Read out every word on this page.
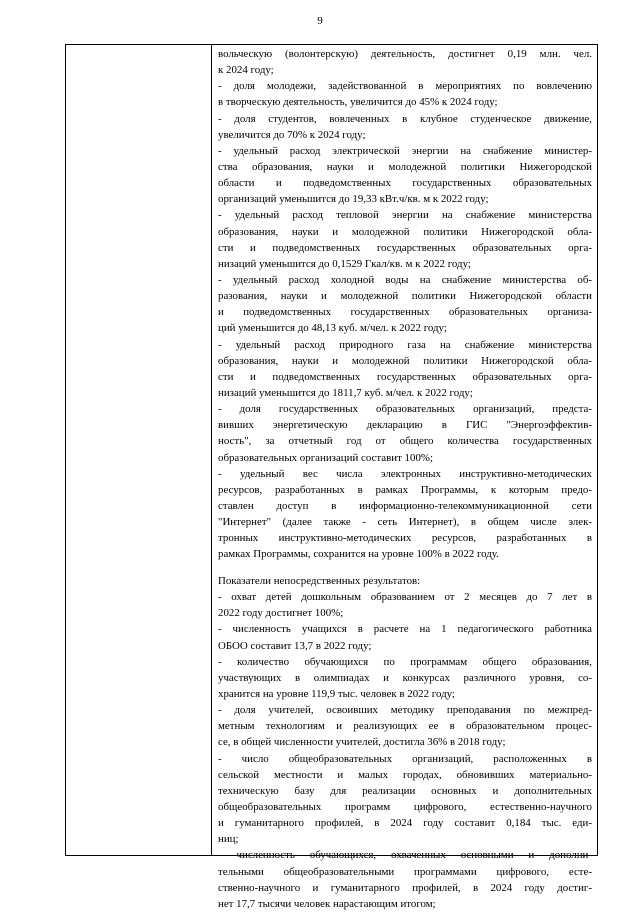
9
вольческую (волонтерскую) деятельность, достигнет 0,19 млн. чел.
к 2024 году;
- доля молодежи, задействованной в мероприятиях по вовлечению
в творческую деятельность, увеличится до 45% к 2024 году;
- доля студентов, вовлеченных в клубное студенческое движение,
увеличится до 70% к 2024 году;
- удельный расход электрической энергии на снабжение министер-
ства образования, науки и молодежной политики Нижегородской
области и подведомственных государственных образовательных
организаций уменьшится до 19,33 кВт.ч/кв. м к 2022 году;
- удельный расход тепловой энергии на снабжение министерства
образования, науки и молодежной политики Нижегородской обла-
сти и подведомственных государственных образовательных орга-
низаций уменьшится до 0,1529 Гкал/кв. м к 2022 году;
- удельный расход холодной воды на снабжение министерства об-
разования, науки и молодежной политики Нижегородской области
и подведомственных государственных образовательных организа-
ций уменьшится до 48,13 куб. м/чел. к 2022 году;
- удельный расход природного газа на снабжение министерства
образования, науки и молодежной политики Нижегородской обла-
сти и подведомственных государственных образовательных орга-
низаций уменьшится до 1811,7 куб. м/чел. к 2022 году;
- доля государственных образовательных организаций, предста-
вивших энергетическую декларацию в ГИС "Энергоэффектив-
ность", за отчетный год от общего количества государственных
образовательных организаций составит 100%;
- удельный вес числа электронных инструктивно-методических
ресурсов, разработанных в рамках Программы, к которым предо-
ставлен доступ в информационно-телекоммуникационной сети
"Интернет" (далее также - сеть Интернет), в общем числе элек-
тронных инструктивно-методических ресурсов, разработанных в
рамках Программы, сохранится на уровне 100% в 2022 году.
Показатели непосредственных результатов:
- охват детей дошкольным образованием от 2 месяцев до 7 лет в
2022 году достигнет 100%;
- численность учащихся в расчете на 1 педагогического работника
ОБОО составит 13,7 в 2022 году;
- количество обучающихся по программам общего образования,
участвующих в олимпиадах и конкурсах различного уровня, со-
хранится на уровне 119,9 тыс. человек в 2022 году;
- доля учителей, освоивших методику преподавания по межпред-
метным технологиям и реализующих ее в образовательном процес-
се, в общей численности учителей, достигла 36% в 2018 году;
- число общеобразовательных организаций, расположенных в
сельской местности и малых городах, обновивших материально-
техническую базу для реализации основных и дополнительных
общеобразовательных программ цифрового, естественно-научного
и гуманитарного профилей, в 2024 году составит 0,184 тыс. еди-
ниц;
- численность обучающихся, охваченных основными и дополни-
тельными общеобразовательными программами цифрового, есте-
ственно-научного и гуманитарного профилей, в 2024 году достиг-
нет 17,7 тысячи человек нарастающим итогом;
